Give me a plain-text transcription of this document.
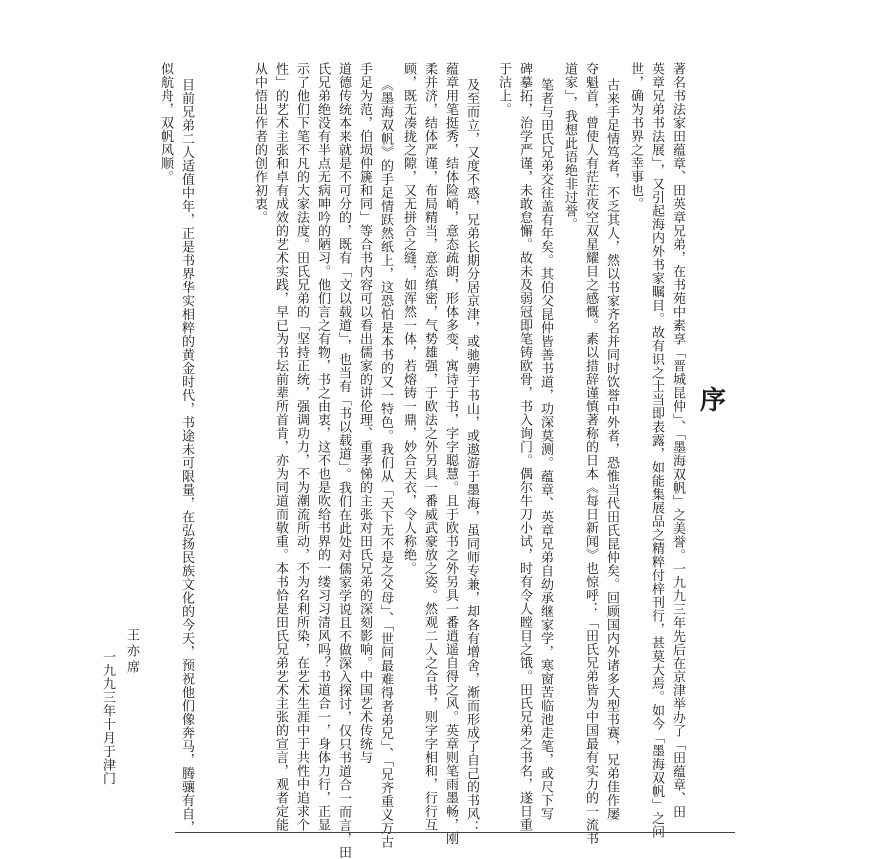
序
著名书法家田蕴章、田英章兄弟，在书苑中素享「晋城昆仲」、「墨海双帆」之美誉。一九九三年先后在京津举办了「田蕴章、田
英章兄弟书法展」，又引起海内外书家瞩目。故有识之士当即表露，如能集展品之精粹付梓刊行，甚莫大焉。如今「墨海双帆」之问
世，确为书界之幸事也。
古来手足情笃者，不乏其人，然以书家齐名并同时饮誉中外者，恐惟当代田氏昆仲矣。回顾国内外诸多大型书赛，兄弟佳作屡
夺魁首，曾使人有茫茫夜空双星耀目之感慨。素以措辞谨慎著称的日本《每日新闻》也惊呼：「田氏兄弟皆为中国最有实力的一流书
道家」，我想此语绝非过誉。
笔者与田氏兄弟交往盖有年矣。其伯父昆仲皆善书道，功深莫测。蕴章、英章兄弟自幼承继家学，寒窗苦临池走笔，或尺下写
碑摹拓，治学严谨，未敢怠懈。故未及弱冠即笔铸欧骨，书入询门。偶尔牛刀小试，时有令人瞠目之饿。田氏兄弟之书名，遂日重
于沽上。
及至而立，又度不惑，兄弟长期分居京津，或驰骋于书山，或遨游于墨海，虽同师专兼，却各有增舍，渐而形成了自己的书风：
蕴章用笔挺秀，结体险峭，意态疏朗，形体多变，寓诗于书，字字聪慧。且于欧书之外另具一番逍遥自得之风。英章则笔雨墨畅，刚
柔并济，结体严谨，布局精当，意态缜密，气势雄强，于欧法之外另具一番威武豪放之姿。然观二人之合书，则字字相和，行行互
顾，既无凑拢之隙，又无拼合之缝，如浑然一体，若熔铸一鼎，妙合天衣，令人称绝。
《墨海双帆》的手足情跃然纸上，这恐怕是本书的又一特色。我们从「天下无不是之父母」、「世间最难得者弟兄」、「兄齐重义万古
手足为范，伯埙仲篪和同」等合书内容可以看出儒家的讲伦理、重孝悌的主张对田氏兄弟的深刻影响。中国艺术传统与
道德传统本来就是不可分的，既有「文以载道」，也当有「书以载道」。我们在此处对儒家学说且不做深入探讨，仅只书道合一而言，田
氏兄弟绝没有半点无病呻吟的陋习。他们言之有物，书之由衷，这不也是吹给书界的一缕习习清风吗？书道合一，身体力行，正显
示了他们下笔不凡的大家法度。田氏兄弟的「坚持正统，强调功力，不为潮流所动，不为名利所染，在艺术生涯中于共性中追求个
性」的艺术主张和卓有成效的艺术实践，早已为书坛前辈所首肯，亦为同道而敬重。本书恰是田氏兄弟艺术主张的宣言，观者定能
从中悟出作者的创作初衷。
目前兄弟二人适值中年，正是书界华实相粹的黄金时代，书途未可限量，在弘扬民族文化的今天，预祝他们像奔马，腾骧有自，
似航舟，双帆风顺。
王亦席
一九九三年十月于津门
